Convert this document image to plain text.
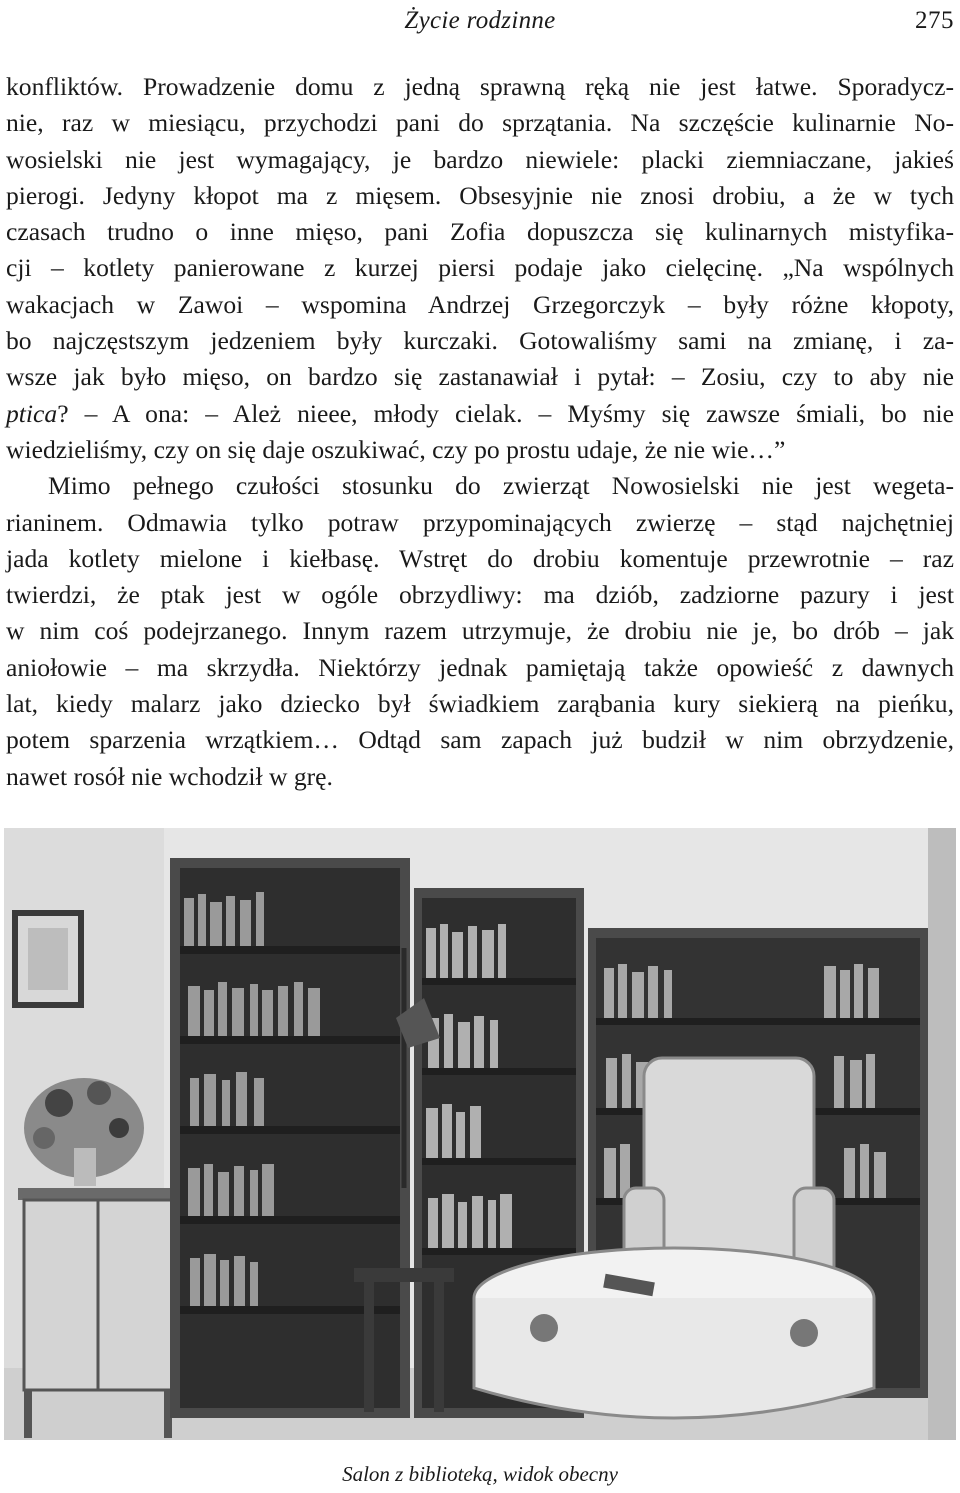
Życie rodzinne	275
konfliktów. Prowadzenie domu z jedną sprawną ręką nie jest łatwe. Sporadycz-
nie, raz w miesiącu, przychodzi pani do sprzątania. Na szczęście kulinarnie No-
wosielski nie jest wymagający, je bardzo niewiele: placki ziemniaczane, jakieś
pierogi. Jedyny kłopot ma z mięsem. Obsesyjnie nie znosi drobiu, a że w tych
czasach trudno o inne mięso, pani Zofia dopuszcza się kulinarnych mistyfika-
cji – kotlety panierowane z kurzej piersi podaje jako cielęcinę. „Na wspólnych
wakacjach w Zawoi – wspomina Andrzej Grzegorczyk – były różne kłopoty,
bo najczęstszym jedzeniem były kurczaki. Gotowaliśmy sami na zmianę, i za-
wsze jak było mięso, on bardzo się zastanawiał i pytał: – Zosiu, czy to aby nie
ptica? – A ona: – Ależ nieee, młody cielak. – Myśmy się zawsze śmiali, bo nie
wiedzieliśmy, czy on się daje oszukiwać, czy po prostu udaje, że nie wie…”
Mimo pełnego czułości stosunku do zwierząt Nowosielski nie jest wegeta-
rianinem. Odmawia tylko potraw przypominających zwierzę – stąd najchętniej
jada kotlety mielone i kiełbasę. Wstręt do drobiu komentuje przewrotnie – raz
twierdzi, że ptak jest w ogóle obrzydliwy: ma dziób, zadziorne pazury i jest
w nim coś podejrzanego. Innym razem utrzymuje, że drobiu nie je, bo drób – jak
aniołowie – ma skrzydła. Niektórzy jednak pamiętają także opowieść z dawnych
lat, kiedy malarz jako dziecko był świadkiem zarąbania kury siekierą na pieńku,
potem sparzenia wrzątkiem… Odtąd sam zapach już budził w nim obrzydzenie,
nawet rosół nie wchodził w grę.
Salon z biblioteką, widok obecny
